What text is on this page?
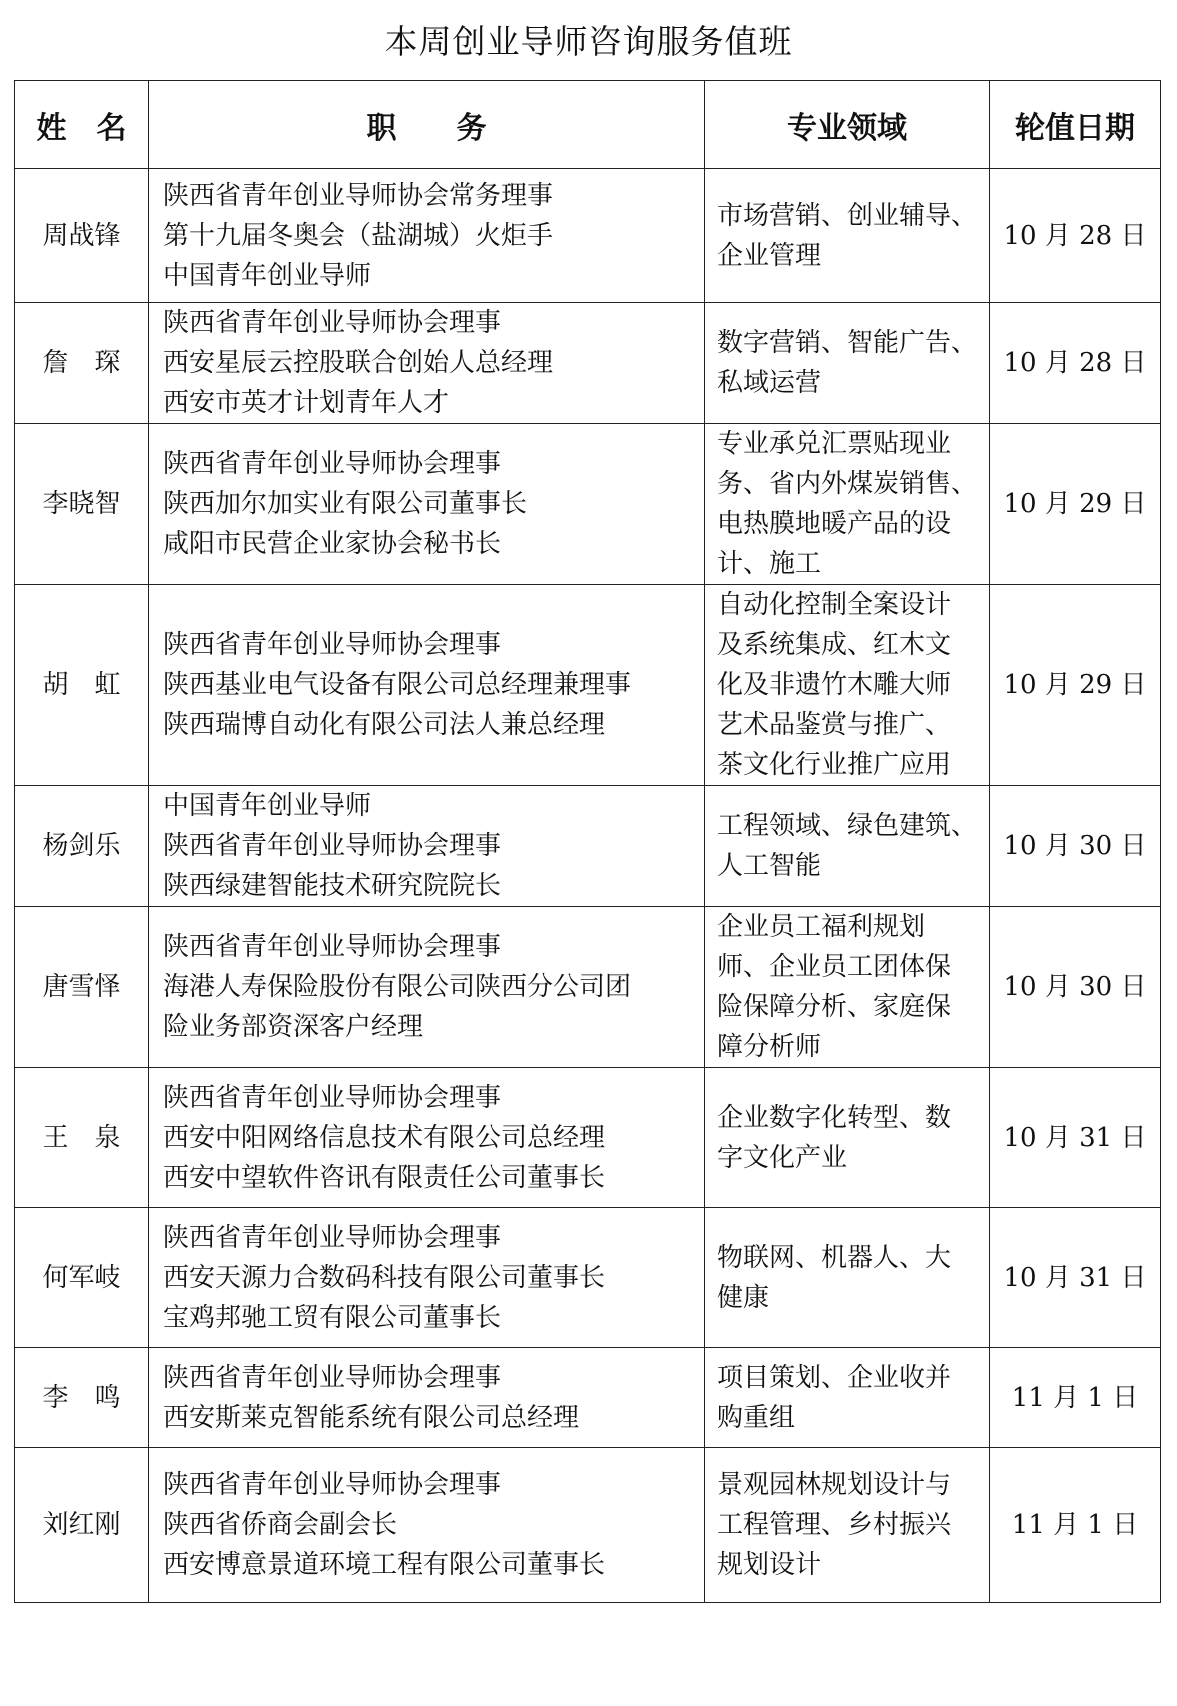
本周创业导师咨询服务值班
姓　名	职　　务	专业领域	轮值日期
周战锋	陕西省青年创业导师协会常务理事
第十九届冬奥会（盐湖城）火炬手
中国青年创业导师	市场营销、创业辅导、
企业管理	10 月 28 日
詹　琛	陕西省青年创业导师协会理事
西安星辰云控股联合创始人总经理
西安市英才计划青年人才	数字营销、智能广告、
私域运营	10 月 28 日
李晓智	陕西省青年创业导师协会理事
陕西加尔加实业有限公司董事长
咸阳市民营企业家协会秘书长	专业承兑汇票贴现业
务、省内外煤炭销售、
电热膜地暖产品的设
计、施工	10 月 29 日
胡　虹	陕西省青年创业导师协会理事
陕西基业电气设备有限公司总经理兼理事
陕西瑞博自动化有限公司法人兼总经理	自动化控制全案设计
及系统集成、红木文
化及非遗竹木雕大师
艺术品鉴赏与推广、
茶文化行业推广应用	10 月 29 日
杨剑乐	中国青年创业导师
陕西省青年创业导师协会理事
陕西绿建智能技术研究院院长	工程领域、绿色建筑、
人工智能	10 月 30 日
唐雪怿	陕西省青年创业导师协会理事
海港人寿保险股份有限公司陕西分公司团
险业务部资深客户经理	企业员工福利规划
师、企业员工团体保
险保障分析、家庭保
障分析师	10 月 30 日
王　泉	陕西省青年创业导师协会理事
西安中阳网络信息技术有限公司总经理
西安中望软件咨讯有限责任公司董事长	企业数字化转型、数
字文化产业	10 月 31 日
何军岐	陕西省青年创业导师协会理事
西安天源力合数码科技有限公司董事长
宝鸡邦驰工贸有限公司董事长	物联网、机器人、大
健康	10 月 31 日
李　鸣	陕西省青年创业导师协会理事
西安斯莱克智能系统有限公司总经理	项目策划、企业收并
购重组	11 月 1 日
刘红刚	陕西省青年创业导师协会理事
陕西省侨商会副会长
西安博意景道环境工程有限公司董事长	景观园林规划设计与
工程管理、乡村振兴
规划设计	11 月 1 日
